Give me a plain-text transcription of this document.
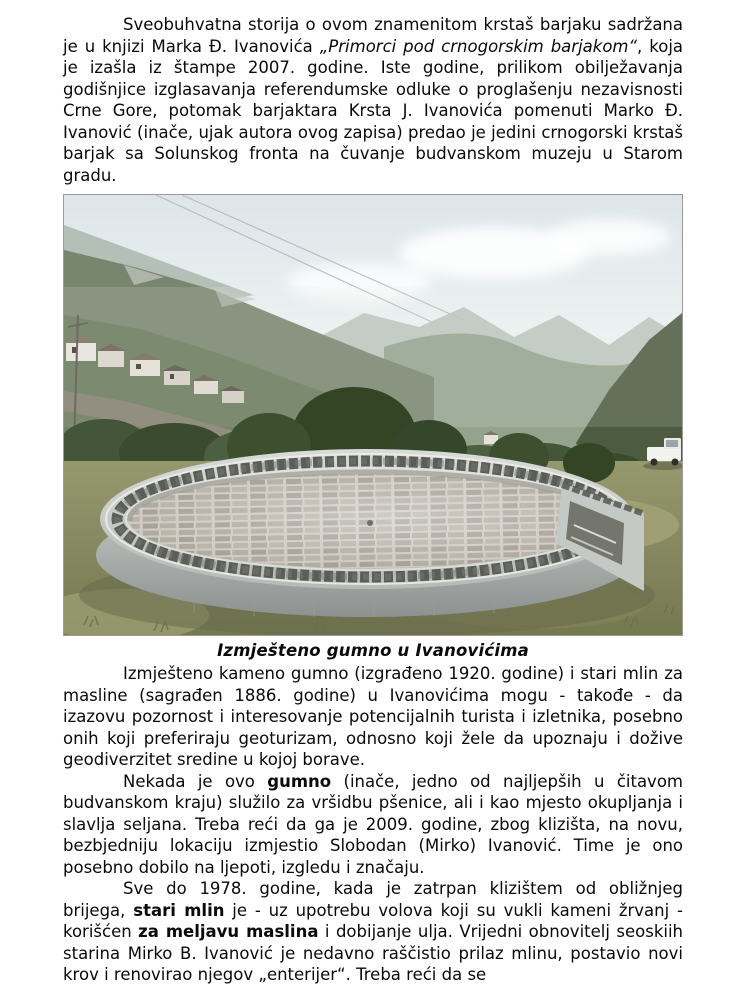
Sveobuhvatna storija o ovom znamenitom krstaš barjaku sadržana je u knjizi Marka Đ. Ivanovića „Primorci pod crnogorskim barjakom“, koja je izašla iz štampe 2007. godine. Iste godine, prilikom obilježavanja godišnjice izglasavanja referendumske odluke o proglašenju nezavisnosti Crne Gore, potomak barjaktara Krsta J. Ivanovića pomenuti Marko Đ. Ivanović (inače, ujak autora ovog zapisa) predao je jedini crnogorski krstaš barjak sa Solunskog fronta na čuvanje budvanskom muzeju u Starom gradu.

Izmješteno gumno u Ivanovićima

Izmješteno kameno gumno (izgrađeno 1920. godine) i stari mlin za masline (sagrađen 1886. godine) u Ivanovićima mogu - takođe - da izazovu pozornost i interesovanje potencijalnih turista i izletnika, posebno onih koji preferiraju geoturizam, odnosno koji žele da upoznaju i dožive geodiverzitet sredine u kojoj borave.

Nekada je ovo gumno (inače, jedno od najljepših u čitavom budvanskom kraju) služilo za vršidbu pšenice, ali i kao mjesto okupljanja i slavlja seljana. Treba reći da ga je 2009. godine, zbog klizišta, na novu, bezbjedniju lokaciju izmjestio Slobodan (Mirko) Ivanović. Time je ono posebno dobilo na ljepoti, izgledu i značaju.

Sve do 1978. godine, kada je zatrpan klizištem od obližnjeg brijega, stari mlin je - uz upotrebu volova koji su vukli kameni žrvanj - korišćen za meljavu maslina i dobijanje ulja. Vrijedni obnovitelj seoskiih starina Mirko B. Ivanović je nedavno raščistio prilaz mlinu, postavio novi krov i renovirao njegov „enterijer“. Treba reći da se
